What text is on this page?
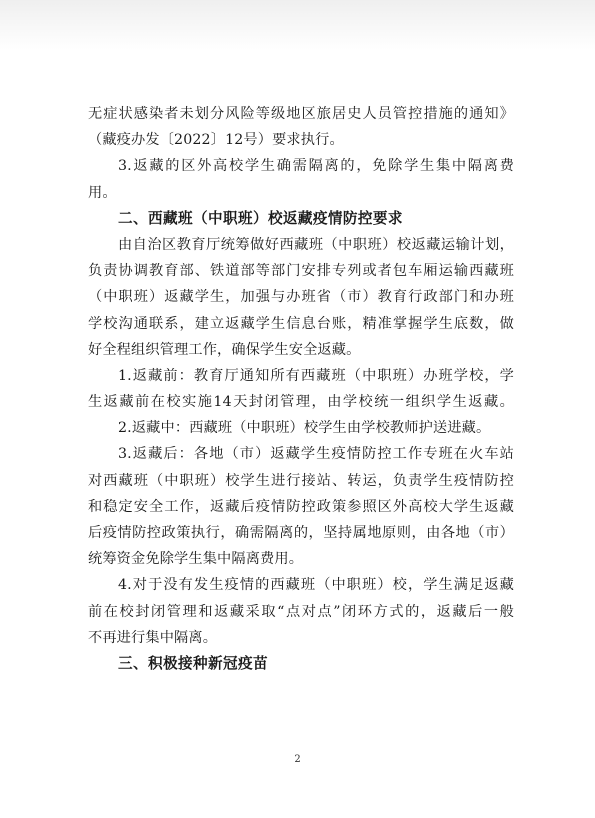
无症状感染者未划分风险等级地区旅居史人员管控措施的通知》
（藏疫办发〔2022〕12号）要求执行。
3.返藏的区外高校学生确需隔离的，免除学生集中隔离费
用。
二、西藏班（中职班）校返藏疫情防控要求
由自治区教育厅统筹做好西藏班（中职班）校返藏运输计划，
负责协调教育部、铁道部等部门安排专列或者包车厢运输西藏班
（中职班）返藏学生，加强与办班省（市）教育行政部门和办班
学校沟通联系，建立返藏学生信息台账，精准掌握学生底数，做
好全程组织管理工作，确保学生安全返藏。
1.返藏前：教育厅通知所有西藏班（中职班）办班学校，学
生返藏前在校实施14天封闭管理，由学校统一组织学生返藏。
2.返藏中：西藏班（中职班）校学生由学校教师护送进藏。
3.返藏后：各地（市）返藏学生疫情防控工作专班在火车站
对西藏班（中职班）校学生进行接站、转运，负责学生疫情防控
和稳定安全工作，返藏后疫情防控政策参照区外高校大学生返藏
后疫情防控政策执行，确需隔离的，坚持属地原则，由各地（市）
统筹资金免除学生集中隔离费用。
4.对于没有发生疫情的西藏班（中职班）校，学生满足返藏
前在校封闭管理和返藏采取“点对点”闭环方式的，返藏后一般
不再进行集中隔离。
三、积极接种新冠疫苗
2
